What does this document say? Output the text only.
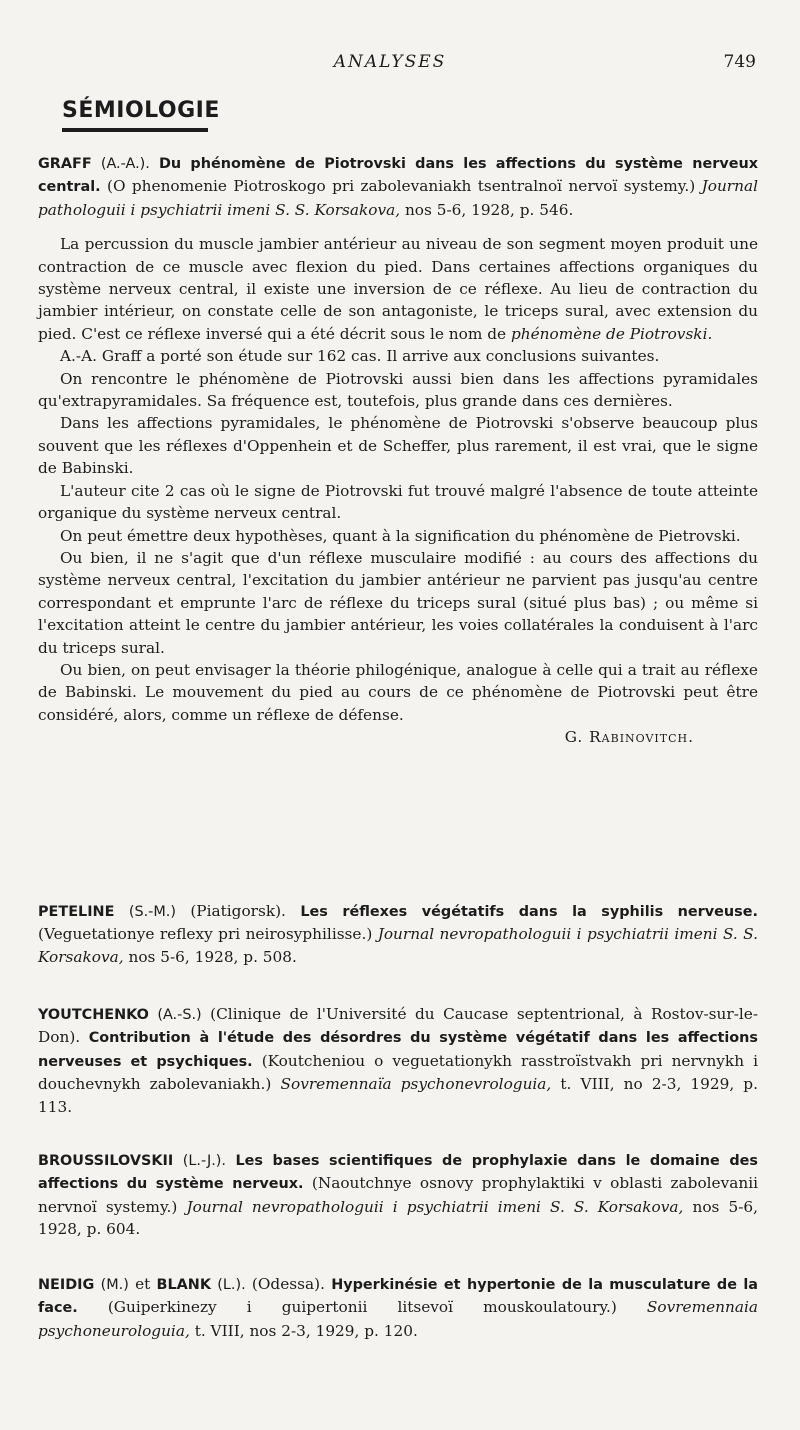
ANALYSES	749
SÉMIOLOGIE

GRAFF (A.-A.). Du phénomène de Piotrovski dans les affections du système nerveux central. (O phenomenie Piotroskogo pri zabolevaniakh tsentralnoï nervoï systemy.) Journal pathologuii i psychiatrii imeni S. S. Korsakova, nos 5-6, 1928, p. 546.

La percussion du muscle jambier antérieur au niveau de son segment moyen produit une contraction de ce muscle avec flexion du pied. Dans certaines affections organiques du système nerveux central, il existe une inversion de ce réflexe. Au lieu de contraction du jambier intérieur, on constate celle de son antagoniste, le triceps sural, avec extension du pied. C'est ce réflexe inversé qui a été décrit sous le nom de phénomène de Piotrovski.

A.-A. Graff a porté son étude sur 162 cas. Il arrive aux conclusions suivantes.

On rencontre le phénomène de Piotrovski aussi bien dans les affections pyramidales qu'extrapyramidales. Sa fréquence est, toutefois, plus grande dans ces dernières.

Dans les affections pyramidales, le phénomène de Piotrovski s'observe beaucoup plus souvent que les réflexes d'Oppenhein et de Scheffer, plus rarement, il est vrai, que le signe de Babinski.

L'auteur cite 2 cas où le signe de Piotrovski fut trouvé malgré l'absence de toute atteinte organique du système nerveux central.

On peut émettre deux hypothèses, quant à la signification du phénomène de Pietrovski.

Ou bien, il ne s'agit que d'un réflexe musculaire modifié : au cours des affections du système nerveux central, l'excitation du jambier antérieur ne parvient pas jusqu'au centre correspondant et emprunte l'arc de réflexe du triceps sural (situé plus bas) ; ou même si l'excitation atteint le centre du jambier antérieur, les voies collatérales la conduisent à l'arc du triceps sural.

Ou bien, on peut envisager la théorie philogénique, analogue à celle qui a trait au réflexe de Babinski. Le mouvement du pied au cours de ce phénomène de Piotrovski peut être considéré, alors, comme un réflexe de défense.

G. Rabinovitch.

PETELINE (S.-M.) (Piatigorsk). Les réflexes végétatifs dans la syphilis nerveuse. (Veguetationye reflexy pri neirosyphilisse.) Journal nevropathologuii i psychiatrii imeni S. S. Korsakova, nos 5-6, 1928, p. 508.

YOUTCHENKO (A.-S.) (Clinique de l'Université du Caucase septentrional, à Rostov-sur-le-Don). Contribution à l'étude des désordres du système végétatif dans les affections nerveuses et psychiques. (Koutcheniou o veguetationykh rasstroïstvakh pri nervnykh i douchevnykh zabolevaniakh.) Sovremennaïa psychonevrologuia, t. VIII, no 2-3, 1929, p. 113.

BROUSSILOVSKII (L.-J.). Les bases scientifiques de prophylaxie dans le domaine des affections du système nerveux. (Naoutchnye osnovy prophylaktiki v oblasti zabolevanii nervnoï systemy.) Journal nevropathologuii i psychiatrii imeni S. S. Korsakova, nos 5-6, 1928, p. 604.

NEIDIG (M.) et BLANK (L.). (Odessa). Hyperkinésie et hypertonie de la musculature de la face. (Guiperkinezy i guipertonii litsevoï mouskoulatoury.) Sovremennaia psychoneurologuia, t. VIII, nos 2-3, 1929, p. 120.
